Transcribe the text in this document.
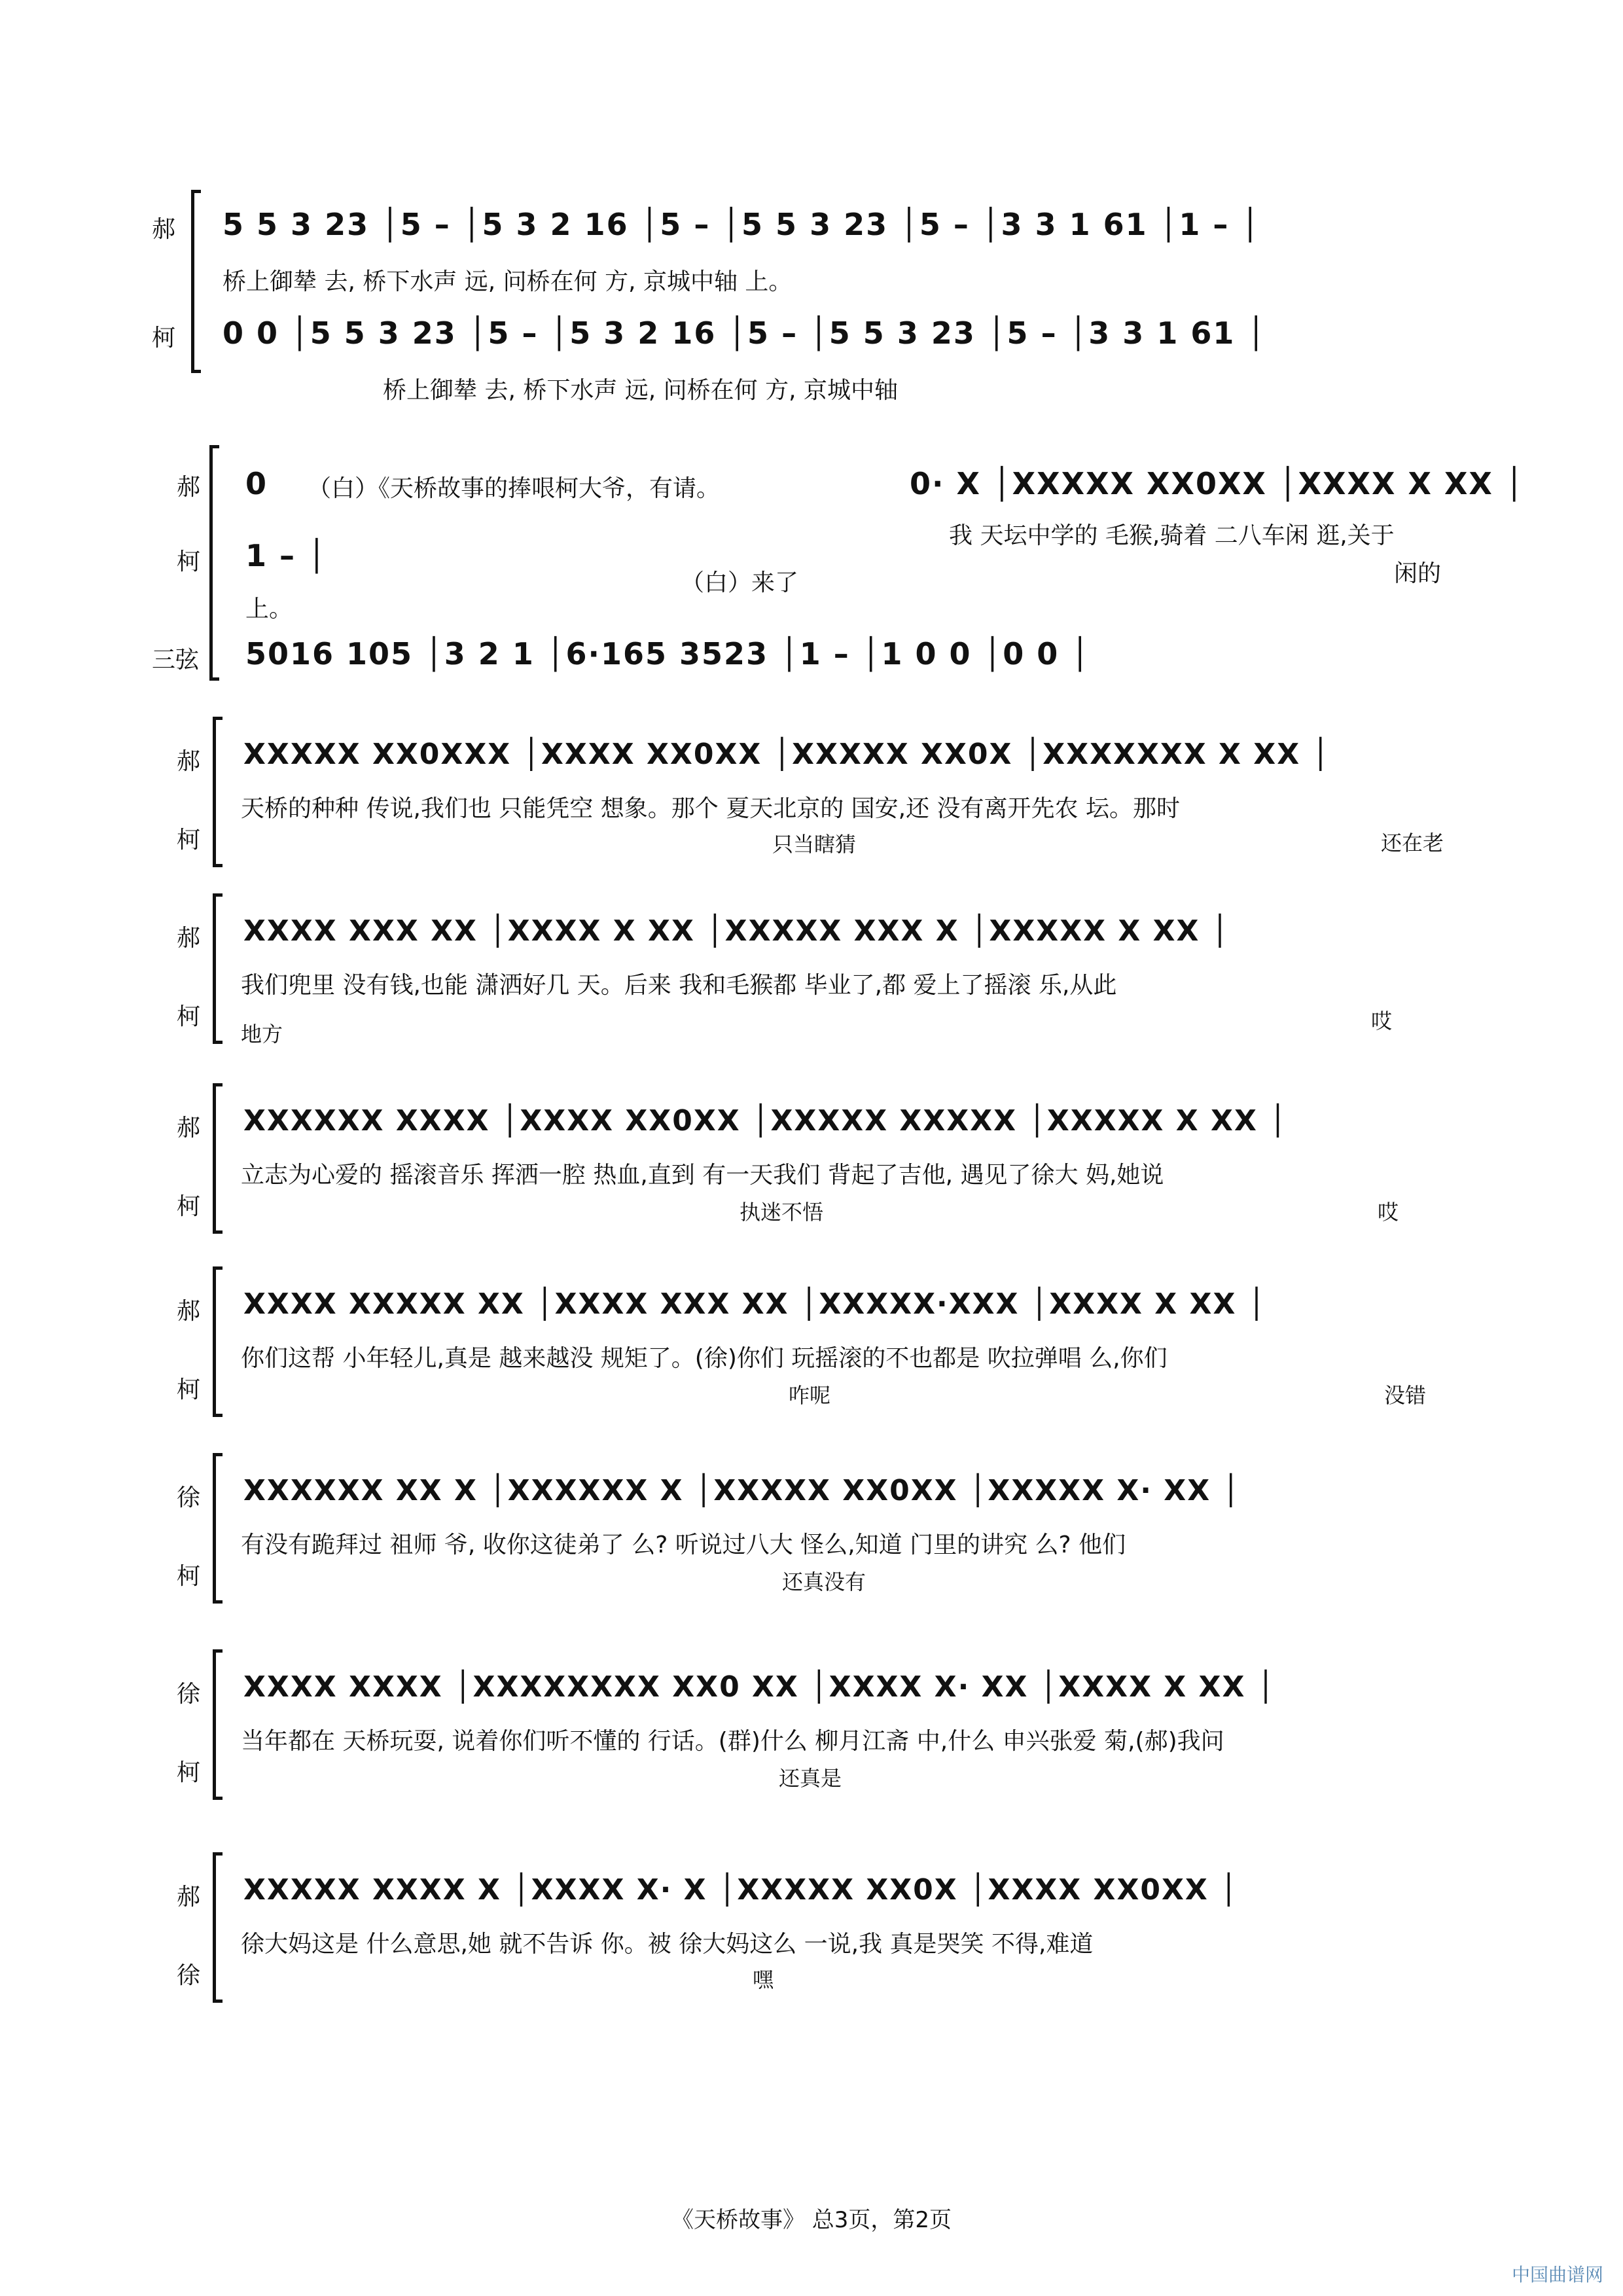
郝
柯
5 5 3 23 │5 – │5 3 2 16 │5 – │5 5 3 23 │5 – │3 3 1 61 │1 – │
桥上御辇 去, 桥下水声 远, 问桥在何 方, 京城中轴 上。
0 0 │5 5 3 23 │5 – │5 3 2 16 │5 – │5 5 3 23 │5 – │3 3 1 61 │
桥上御辇 去, 桥下水声 远, 问桥在何 方, 京城中轴
郝
柯
三弦
0 （白）《天桥故事的捧哏柯大爷，有请。	0· X │XXXXX XX0XX │XXXX X XX │
我 天坛中学的 毛猴,骑着 二八车闲 逛,关于
1 – │
上。
（白）来了	闲的
5016 105 │3 2 1 │6·165 3523 │1 – │1 0 0 │0 0 │
郝
柯
XXXXX XX0XXX │XXXX XX0XX │XXXXX XX0X │XXXXXXX X XX │
天桥的种种 传说,我们也 只能凭空 想象。那个 夏天北京的 国安,还 没有离开先农 坛。那时
只当瞎猜	还在老
郝
柯
XXXX XXX XX │XXXX X XX │XXXXX XXX X │XXXXX X XX │
我们兜里 没有钱,也能 潇洒好几 天。后来 我和毛猴都 毕业了,都 爱上了摇滚 乐,从此
地方
哎
郝
柯
XXXXXX XXXX │XXXX XX0XX │XXXXX XXXXX │XXXXX X XX │
立志为心爱的 摇滚音乐 挥洒一腔 热血,直到 有一天我们 背起了吉他, 遇见了徐大 妈,她说
执迷不悟	哎
郝
柯
XXXX XXXXX XX │XXXX XXX XX │XXXXX·XXX │XXXX X XX │
你们这帮 小年轻儿,真是 越来越没 规矩了。(徐)你们 玩摇滚的不也都是 吹拉弹唱 么,你们
咋呢	没错
徐
柯
XXXXXX XX X │XXXXXX X │XXXXX XX0XX │XXXXX X· XX │
有没有跪拜过 祖师 爷, 收你这徒弟了 么? 听说过八大 怪么,知道 门里的讲究 么? 他们
还真没有
徐
柯
XXXX XXXX │XXXXXXXX XX0 XX │XXXX X· XX │XXXX X XX │
当年都在 天桥玩耍, 说着你们听不懂的 行话。(群)什么 柳月江斋 中,什么 申兴张爱 菊,(郝)我问
还真是
郝
徐
XXXXX XXXX X │XXXX X· X │XXXXX XX0X │XXXX XX0XX │
徐大妈这是 什么意思,她 就不告诉 你。被 徐大妈这么 一说,我 真是哭笑 不得,难道
嘿
《天桥故事》 总3页，第2页
中国曲谱网
